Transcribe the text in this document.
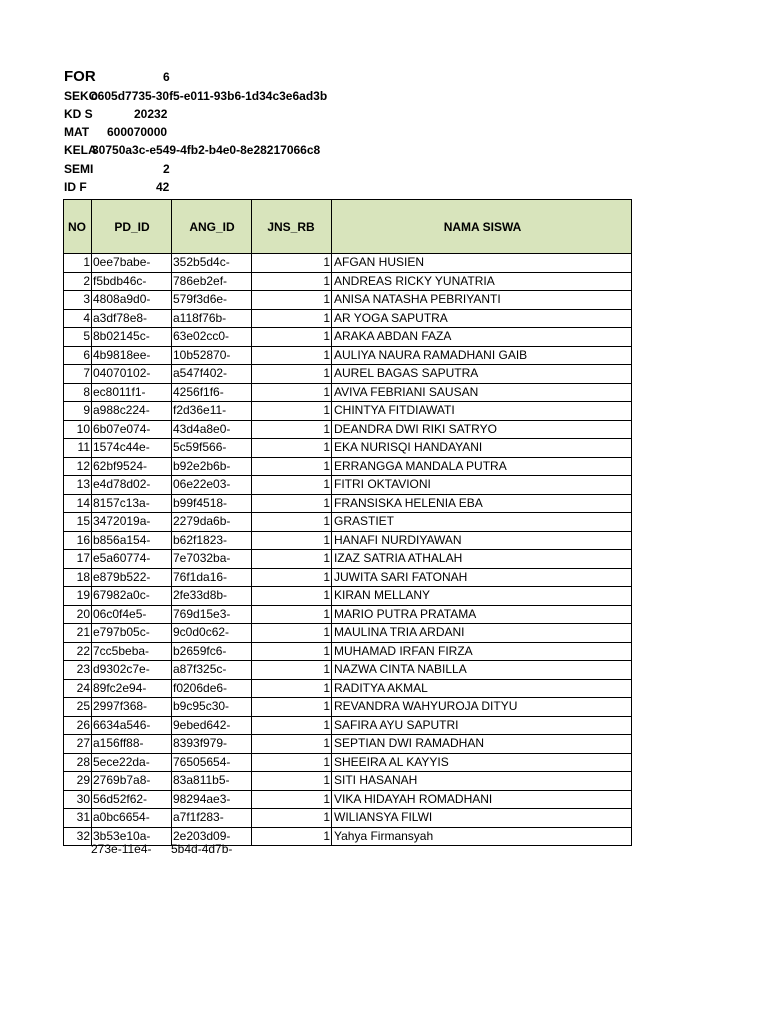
FOR	6
SEKO
c605d7735-30f5-e011-93b6-1d34c3e6ad3b
KD S	20232
MAT 600070000
KELA
30750a3c-e549-4fb2-b4e0-8e28217066c8
SEMI	2
ID F	42
NO	PD_ID	ANG_ID	JNS_RB	NAMA SISWA
1	0ee7babe-	352b5d4c-	1	AFGAN HUSIEN
2	f5bdb46c-	786eb2ef-	1	ANDREAS RICKY YUNATRIA
3	4808a9d0-	579f3d6e-	1	ANISA NATASHA PEBRIYANTI
4	a3df78e8-	a118f76b-	1	AR YOGA SAPUTRA
5	8b02145c-	63e02cc0-	1	ARAKA ABDAN FAZA
6	4b9818ee-	10b52870-	1	AULIYA NAURA RAMADHANI GAIB
7	04070102-	a547f402-	1	AUREL BAGAS SAPUTRA
8	ec8011f1-	4256f1f6-	1	AVIVA FEBRIANI SAUSAN
9	a988c224-	f2d36e11-	1	CHINTYA FITDIAWATI
10	6b07e074-	43d4a8e0-	1	DEANDRA DWI RIKI SATRYO
11	1574c44e-	5c59f566-	1	EKA NURISQI HANDAYANI
12	62bf9524-	b92e2b6b-	1	ERRANGGA MANDALA PUTRA
13	e4d78d02-	06e22e03-	1	FITRI OKTAVIONI
14	8157c13a-	b99f4518-	1	FRANSISKA HELENIA EBA
15	3472019a-	2279da6b-	1	GRASTIET
16	b856a154-	b62f1823-	1	HANAFI NURDIYAWAN
17	e5a60774-	7e7032ba-	1	IZAZ SATRIA ATHALAH
18	e879b522-	76f1da16-	1	JUWITA SARI FATONAH
19	67982a0c-	2fe33d8b-	1	KIRAN MELLANY
20	06c0f4e5-	769d15e3-	1	MARIO PUTRA PRATAMA
21	e797b05c-	9c0d0c62-	1	MAULINA TRIA ARDANI
22	7cc5beba-	b2659fc6-	1	MUHAMAD IRFAN FIRZA
23	d9302c7e-	a87f325c-	1	NAZWA CINTA NABILLA
24	89fc2e94-	f0206de6-	1	RADITYA AKMAL
25	2997f368-	b9c95c30-	1	REVANDRA WAHYUROJA DITYU
26	6634a546-	9ebed642-	1	SAFIRA AYU SAPUTRI
27	a156ff88-	8393f979-	1	SEPTIAN DWI RAMADHAN
28	5ece22da-	76505654-	1	SHEEIRA AL KAYYIS
29	2769b7a8-	83a811b5-	1	SITI HASANAH
30	56d52f62-	98294ae3-	1	VIKA HIDAYAH ROMADHANI
31	a0bc6654-	a7f1f283-	1	WILIANSYA FILWI
32	3b53e10a-	2e203d09-	1	Yahya Firmansyah
273e-11e4- 5b4d-4d7b-
